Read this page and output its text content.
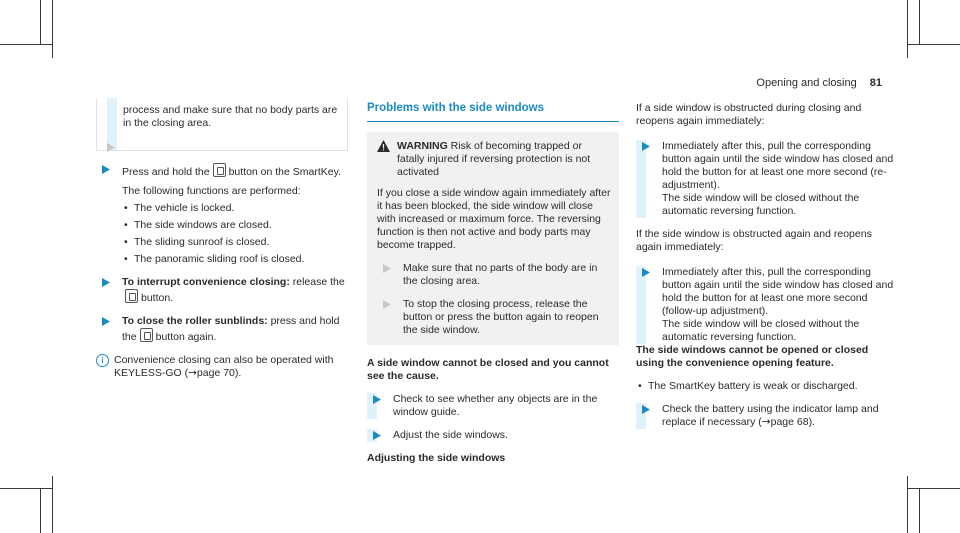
Opening and closing 81
process and make sure that no body parts are in the closing area.
Press and hold the button on the SmartKey.
The following functions are performed:
• The vehicle is locked.
• The side windows are closed.
• The sliding sunroof is closed.
• The panoramic sliding roof is closed.
To interrupt convenience closing: release thebutton.
To close the roller sunblinds: press and hold the button again.
i Convenience closing can also be operated with KEYLESS-GO (→page 70).
Problems with the side windows
WARNING Risk of becoming trapped or fatally injured if reversing protection is not activated
If you close a side window again immediately after it has been blocked, the side window will close with increased or maximum force. The reversing function is then not active and body parts may become trapped.
Make sure that no parts of the body are in the closing area.
To stop the closing process, release the button or press the button again to reopen the side window.
A side window cannot be closed and you cannot see the cause.
Check to see whether any objects are in the window guide.
Adjust the side windows.
Adjusting the side windows
If a side window is obstructed during closing and reopens again immediately:
Immediately after this, pull the corresponding button again until the side window has closed and hold the button for at least one more second (re-adjustment).
The side window will be closed without the automatic reversing function.
If the side window is obstructed again and reopens again immediately:
Immediately after this, pull the corresponding button again until the side window has closed and hold the button for at least one more second (follow-up adjustment).
The side window will be closed without the automatic reversing function.
The side windows cannot be opened or closed using the convenience opening feature.
• The SmartKey battery is weak or discharged.
Check the battery using the indicator lamp and replace if necessary (→page 68).
